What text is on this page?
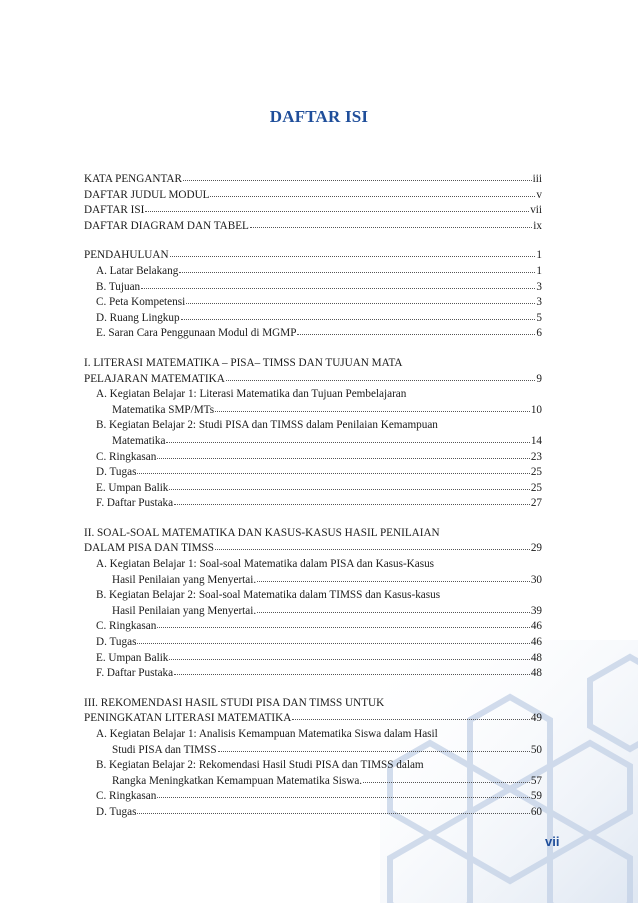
DAFTAR ISI
KATA PENGANTAR	iii
DAFTAR JUDUL MODUL	v
DAFTAR ISI	vii
DAFTAR DIAGRAM DAN TABEL	ix
PENDAHULUAN	1
A. Latar Belakang	1
B. Tujuan	3
C. Peta Kompetensi	3
D. Ruang Lingkup	5
E. Saran Cara Penggunaan Modul di MGMP	6
I. LITERASI MATEMATIKA – PISA– TIMSS DAN TUJUAN MATA
PELAJARAN MATEMATIKA	9
A. Kegiatan Belajar 1: Literasi Matematika dan Tujuan Pembelajaran
Matematika SMP/MTs	10
B. Kegiatan Belajar 2: Studi PISA dan TIMSS dalam Penilaian Kemampuan
Matematika	14
C. Ringkasan	23
D. Tugas	25
E. Umpan Balik	25
F. Daftar Pustaka	27
II. SOAL-SOAL MATEMATIKA DAN KASUS-KASUS HASIL PENILAIAN
DALAM PISA DAN TIMSS	29
A. Kegiatan Belajar 1: Soal-soal Matematika dalam PISA dan Kasus-Kasus
Hasil Penilaian yang Menyertai.	30
B. Kegiatan Belajar 2: Soal-soal Matematika dalam TIMSS dan Kasus-kasus
Hasil Penilaian yang Menyertai.	39
C. Ringkasan	46
D. Tugas	46
E. Umpan Balik	48
F. Daftar Pustaka	48
III. REKOMENDASI HASIL STUDI PISA DAN TIMSS UNTUK
PENINGKATAN LITERASI MATEMATIKA	49
A. Kegiatan Belajar 1: Analisis Kemampuan Matematika Siswa dalam Hasil
Studi PISA dan TIMSS	50
B. Kegiatan Belajar 2: Rekomendasi Hasil Studi PISA dan TIMSS dalam
Rangka Meningkatkan Kemampuan Matematika Siswa.	57
C. Ringkasan	59
D. Tugas	60
vii
